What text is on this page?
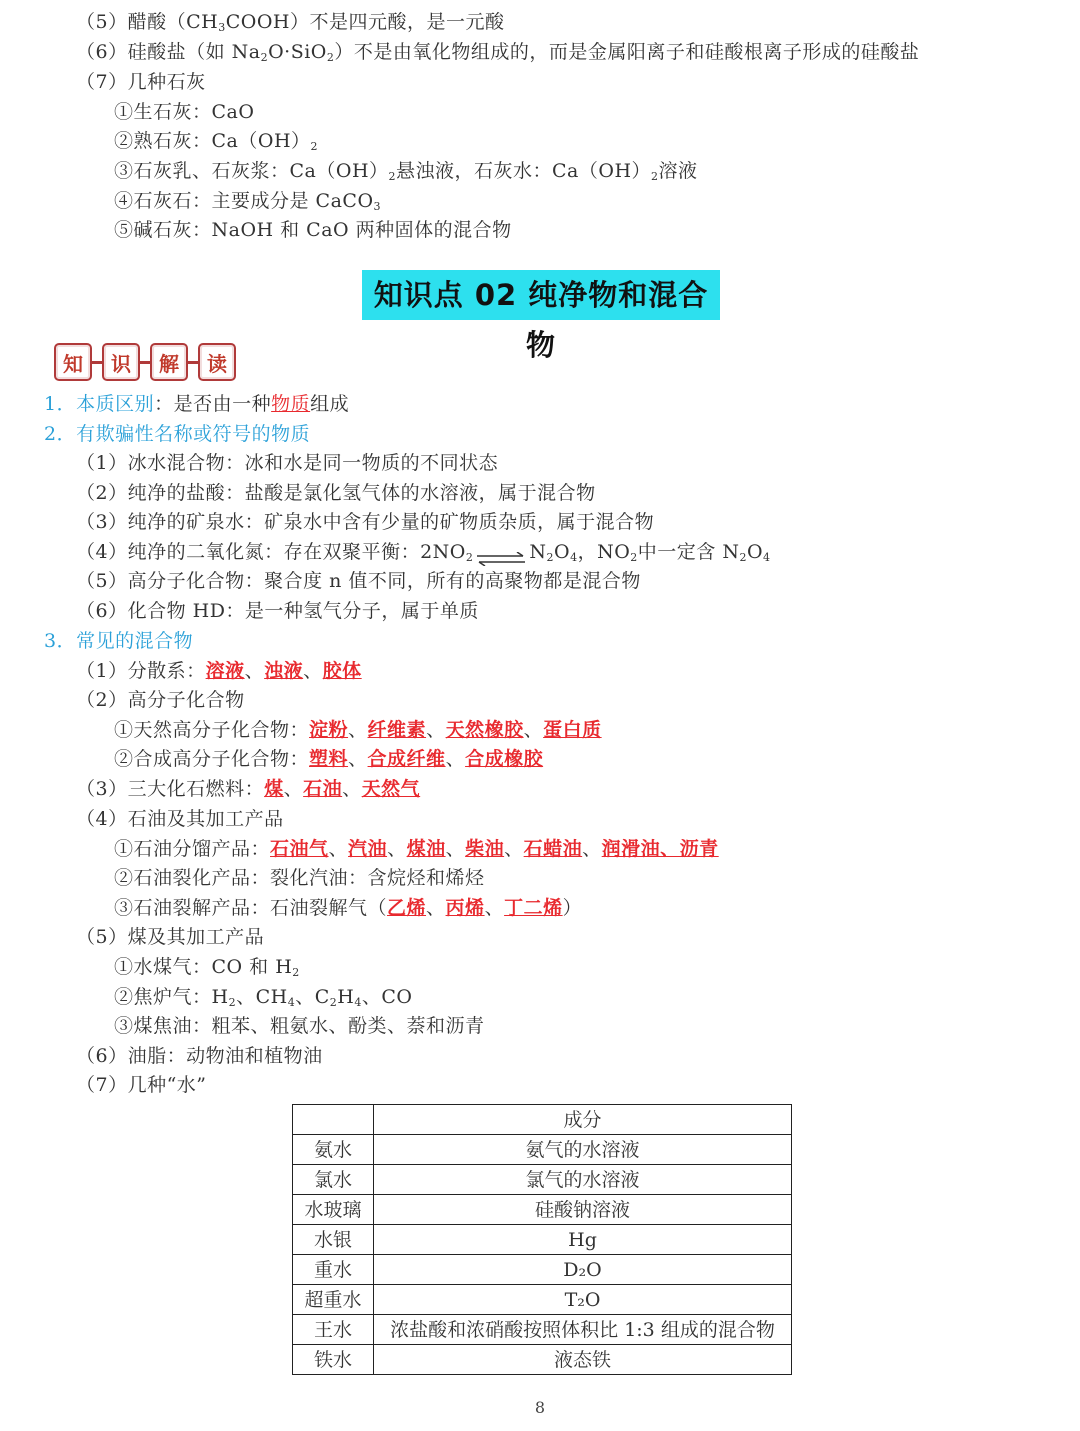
（5）醋酸$(CH_3COOH)$不是四元酸，是一元酸
（6）硅酸盐（如 $Na_2O\cdot SiO_2$）不是由氧化物组成的，而是金属阳离子和硅酸根离子形成的硅酸盐
（7）几种石灰
①生石灰：CaO
②熟石灰：$Ca(OH)_2$
③石灰乳、石灰浆：$Ca(OH)_2$悬浊液，石灰水：$Ca(OH)_2$溶液
④石灰石：主要成分是 CaCO$_3$
⑤碱石灰：NaOH 和 CaO 两种固体的混合物
知识点 02 纯净物和混合物
知	识	解	读
1．本质区别：是否由一种物质组成
2．有欺骗性名称或符号的物质
（1）冰水混合物：冰和水是同一物质的不同状态
（2）纯净的盐酸：盐酸是氯化氢气体的水溶液，属于混合物
（3）纯净的矿泉水：矿泉水中含有少量的矿物质杂质，属于混合物
（4）纯净的二氧化氮：存在双聚平衡：$2NO_2$ ⇌ $N_2O_4$，$NO_2$中一定含 $N_2O_4$
（5）高分子化合物：聚合度 n 值不同，所有的高聚物都是混合物
（6）化合物 HD：是一种氢气分子，属于单质
3．常见的混合物
（1）分散系：溶液、浊液、胶体
（2）高分子化合物
①天然高分子化合物：淀粉、纤维素、天然橡胶、蛋白质
②合成高分子化合物：塑料、合成纤维、合成橡胶
（3）三大化石燃料：煤、石油、天然气
（4）石油及其加工产品
①石油分馏产品：石油气、汽油、煤油、柴油、石蜡油、润滑油、沥青
②石油裂化产品：裂化汽油：含烷烃和烯烃
③石油裂解产品：石油裂解气（乙烯、丙烯、丁二烯）
（5）煤及其加工产品
①水煤气：CO 和 $H_2$
②焦炉气：$H_2$、$CH_4$、$C_2H_4$、CO
③煤焦油：粗苯、粗氨水、酚类、萘和沥青
（6）油脂：动物油和植物油
（7）几种“水”
	成分
氨水	氨气的水溶液
氯水	氯气的水溶液
水玻璃	硅酸钠溶液
水银	Hg
重水	D₂O
超重水	T₂O
王水	浓盐酸和浓硝酸按照体积比 1:3 组成的混合物
铁水	液态铁
8
